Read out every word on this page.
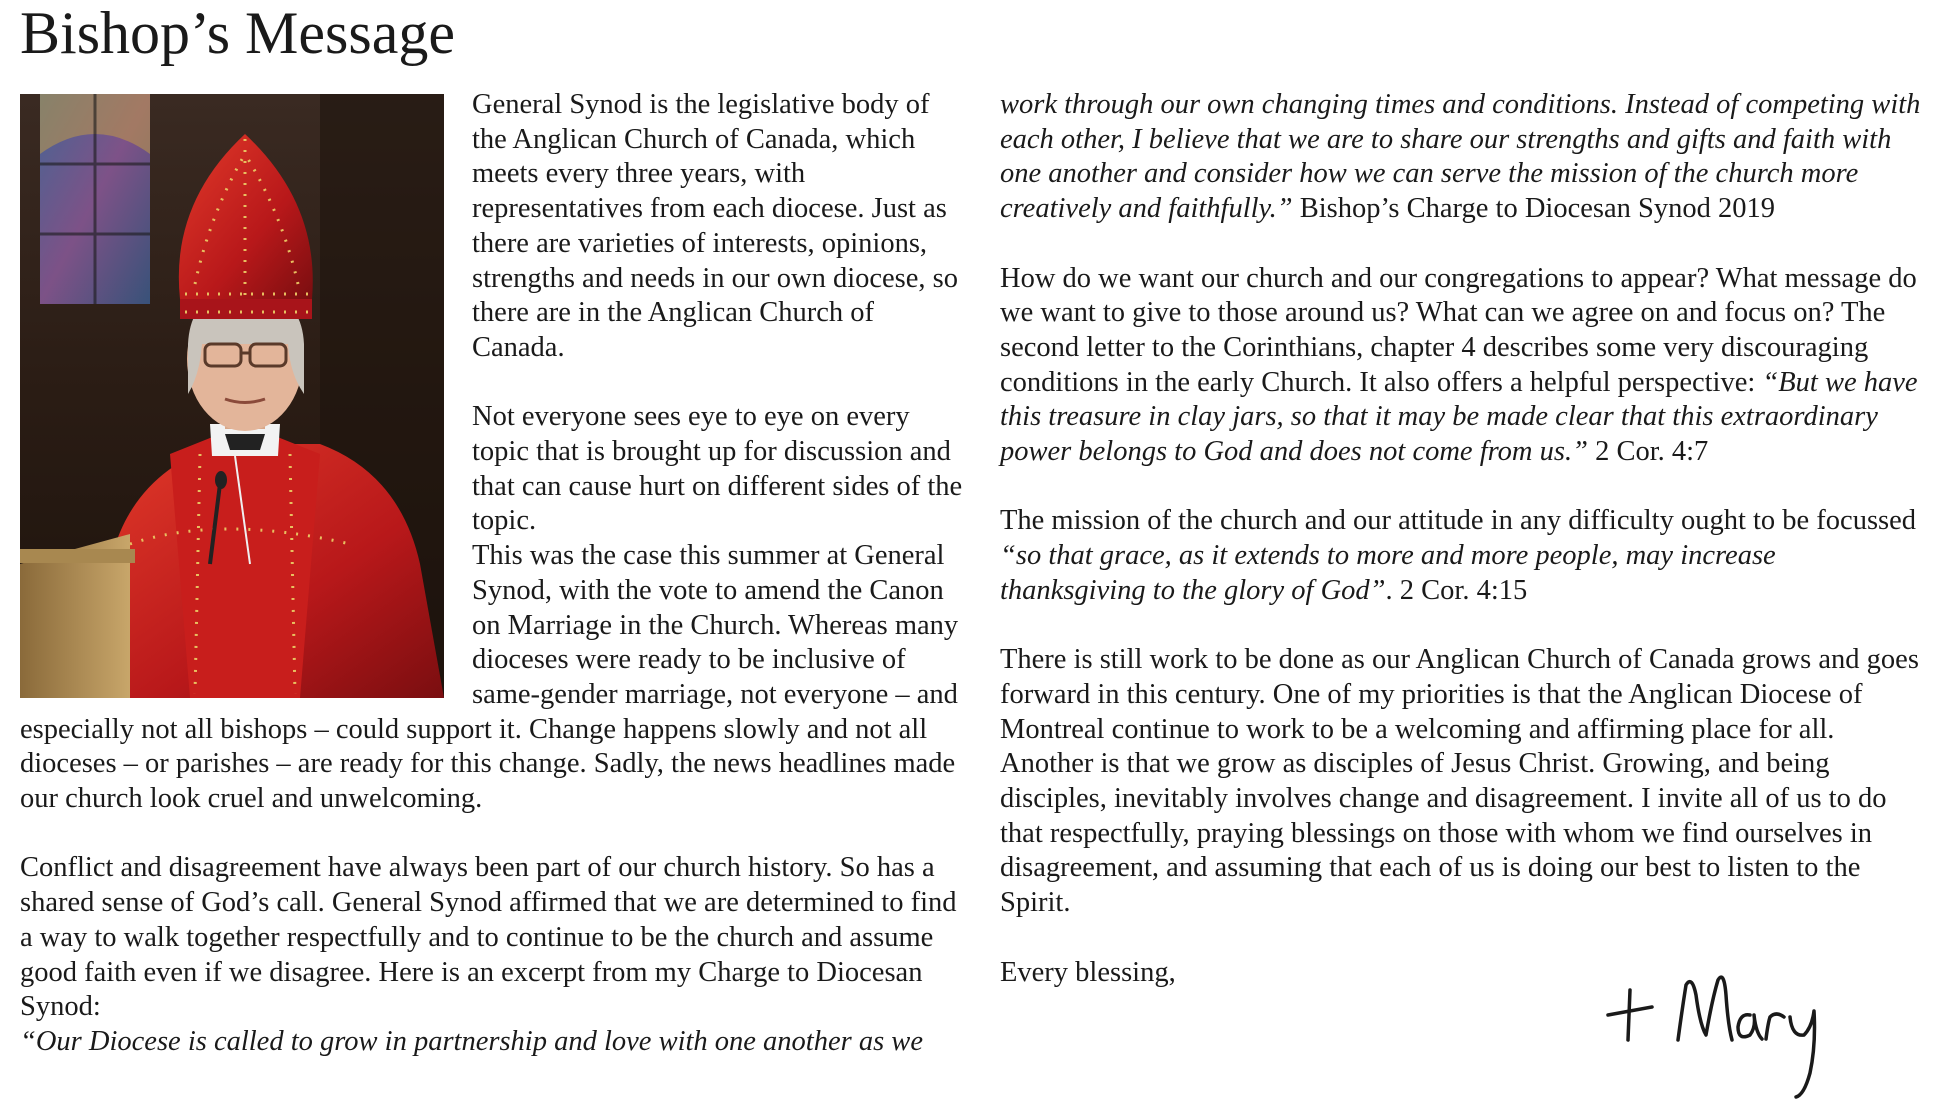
Bishop’s Message

General Synod is the legislative body of the Anglican Church of Canada, which meets every three years, with representatives from each diocese. Just as there are varieties of interests, opinions, strengths and needs in our own diocese, so there are in the Anglican Church of Canada.

Not everyone sees eye to eye on every topic that is brought up for discussion and that can cause hurt on different sides of the topic.

This was the case this summer at General Synod, with the vote to amend the Canon on Marriage in the Church. Whereas many dioceses were ready to be inclusive of same-gender marriage, not everyone – and especially not all bishops – could support it. Change happens slowly and not all dioceses – or parishes – are ready for this change. Sadly, the news headlines made our church look cruel and unwelcoming.

Conflict and disagreement have always been part of our church history. So has a shared sense of God’s call. General Synod affirmed that we are determined to find a way to walk together respectfully and to continue to be the church and assume good faith even if we disagree. Here is an excerpt from my Charge to Diocesan Synod:

“Our Diocese is called to grow in partnership and love with one another as we

work through our own changing times and conditions. Instead of competing with each other, I believe that we are to share our strengths and gifts and faith with one another and consider how we can serve the mission of the church more creatively and faithfully.” Bishop’s Charge to Diocesan Synod 2019

How do we want our church and our congregations to appear? What message do we want to give to those around us? What can we agree on and focus on? The second letter to the Corinthians, chapter 4 describes some very discouraging conditions in the early Church. It also offers a helpful perspective: “But we have this treasure in clay jars, so that it may be made clear that this extraordinary power belongs to God and does not come from us.” 2 Cor. 4:7

The mission of the church and our attitude in any difficulty ought to be focussed “so that grace, as it extends to more and more people, may increase thanksgiving to the glory of God”. 2 Cor. 4:15

There is still work to be done as our Anglican Church of Canada grows and goes forward in this century. One of my priorities is that the Anglican Diocese of Montreal continue to work to be a welcoming and affirming place for all. Another is that we grow as disciples of Jesus Christ. Growing, and being disciples, inevitably involves change and disagreement. I invite all of us to do that respectfully, praying blessings on those with whom we find ourselves in disagreement, and assuming that each of us is doing our best to listen to the Spirit.

Every blessing,
